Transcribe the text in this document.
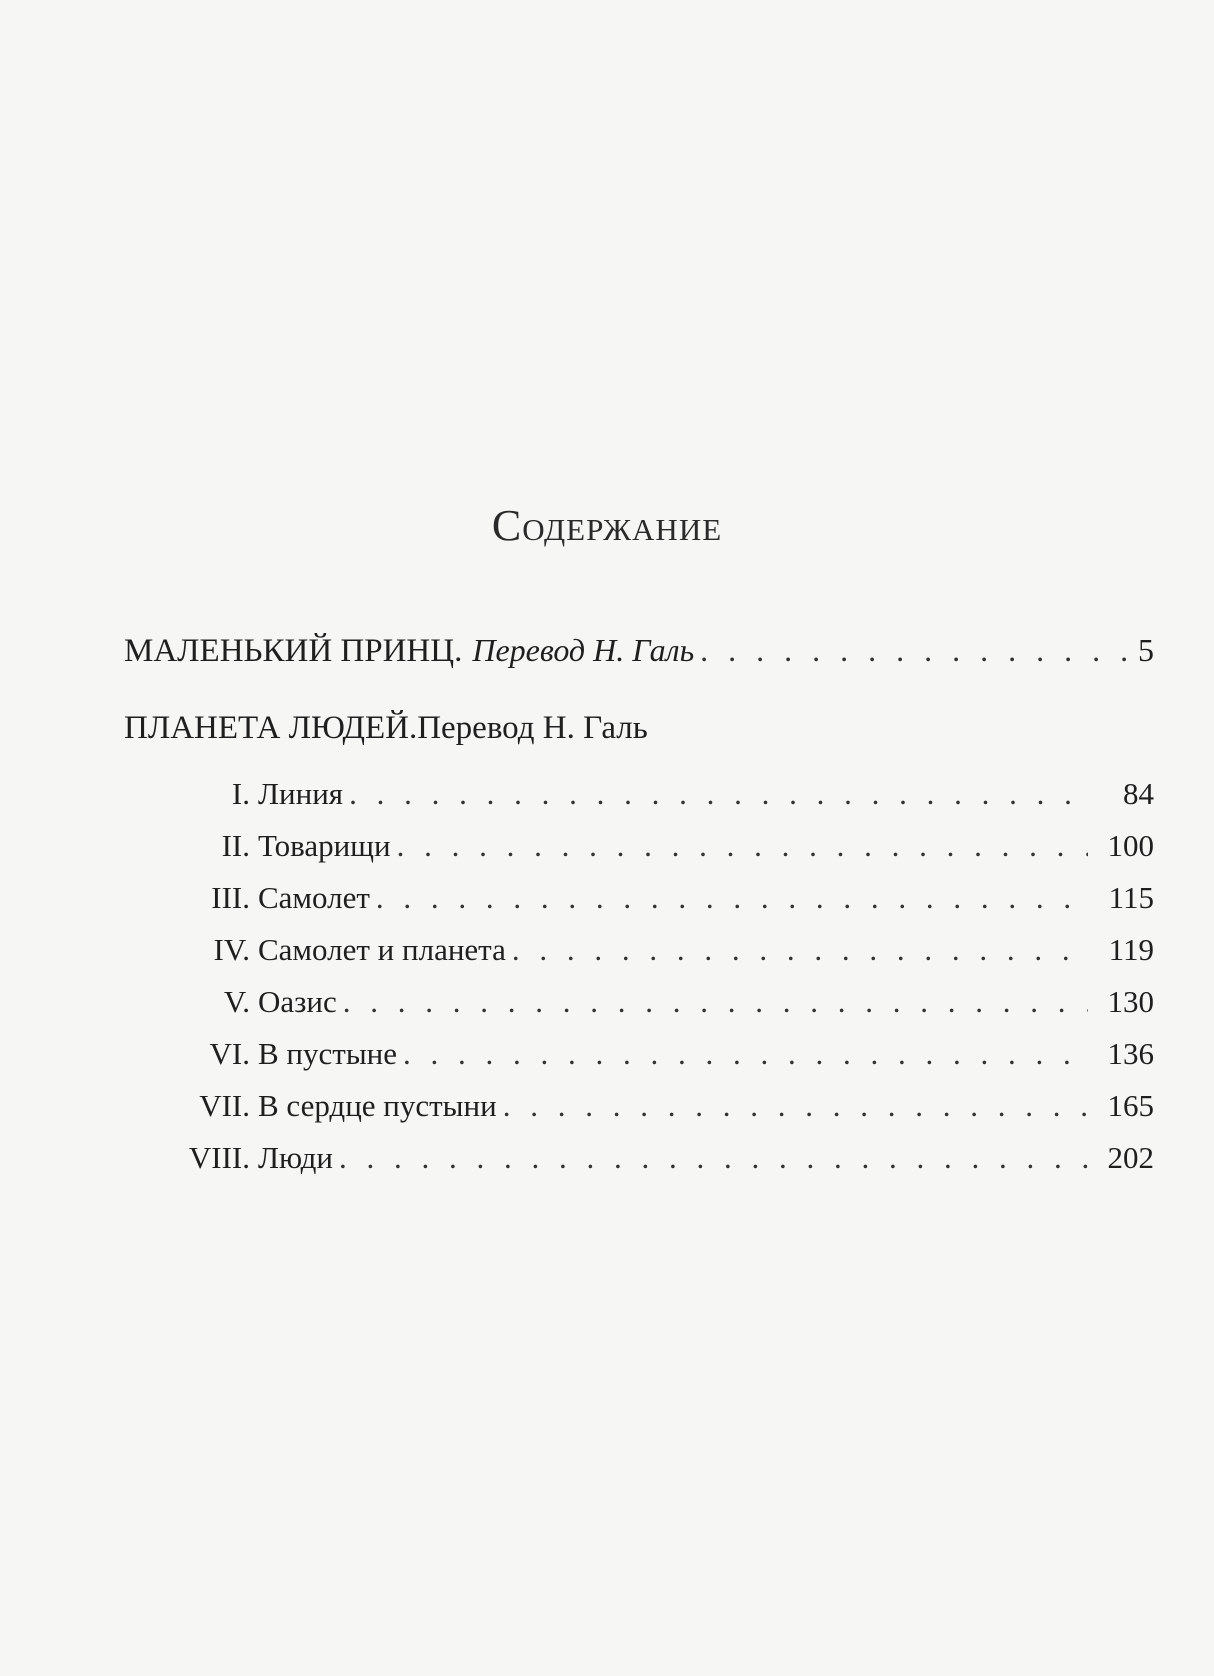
Содержание
МАЛЕНЬКИЙ ПРИНЦ. Перевод Н. Галь . . .	5
ПЛАНЕТА ЛЮДЕЙ. Перевод Н. Галь
I. Линия . . .	84
II. Товарищи . . .	100
III. Самолет . . .	115
IV. Самолет и планета . . .	119
V. Оазис . . .	130
VI. В пустыне . . .	136
VII. В сердце пустыни . . .	165
VIII. Люди . . .	202
